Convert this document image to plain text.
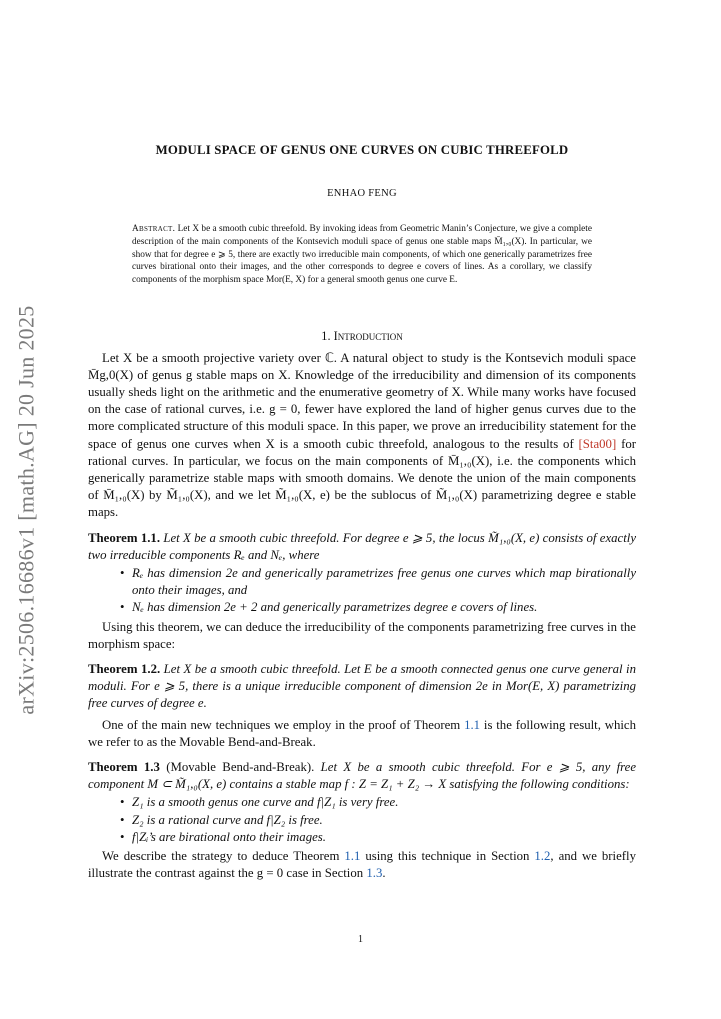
arXiv:2506.16686v1 [math.AG] 20 Jun 2025
MODULI SPACE OF GENUS ONE CURVES ON CUBIC THREEFOLD
ENHAO FENG
Abstract. Let X be a smooth cubic threefold. By invoking ideas from Geometric Manin’s Conjecture, we give a complete description of the main components of the Kontsevich moduli space of genus one stable maps M̄₁,₀(X). In particular, we show that for degree e ⩾ 5, there are exactly two irreducible main components, of which one generically parametrizes free curves birational onto their images, and the other corresponds to degree e covers of lines. As a corollary, we classify components of the morphism space Mor(E, X) for a general smooth genus one curve E.
1. Introduction

Let X be a smooth projective variety over ℂ. A natural object to study is the Kontsevich moduli space M̄g,0(X) of genus g stable maps on X. Knowledge of the irreducibility and dimension of its components usually sheds light on the arithmetic and the enumerative geometry of X. While many works have focused on the case of rational curves, i.e. g = 0, fewer have explored the land of higher genus curves due to the more complicated structure of this moduli space. In this paper, we prove an irreducibility statement for the space of genus one curves when X is a smooth cubic threefold, analogous to the results of [Sta00] for rational curves. In particular, we focus on the main components of M̄₁,₀(X), i.e. the components which generically parametrize stable maps with smooth domains. We denote the union of the main components of M̄₁,₀(X) by M̃₁,₀(X), and we let M̃₁,₀(X, e) be the sublocus of M̃₁,₀(X) parametrizing degree e stable maps.

Theorem 1.1. Let X be a smooth cubic threefold. For degree e ⩾ 5, the locus M̃₁,₀(X, e) consists of exactly two irreducible components Rₑ and Nₑ, where
• Rₑ has dimension 2e and generically parametrizes free genus one curves which map birationally onto their images, and
• Nₑ has dimension 2e + 2 and generically parametrizes degree e covers of lines.

Using this theorem, we can deduce the irreducibility of the components parametrizing free curves in the morphism space:

Theorem 1.2. Let X be a smooth cubic threefold. Let E be a smooth connected genus one curve general in moduli. For e ⩾ 5, there is a unique irreducible component of dimension 2e in Mor(E, X) parametrizing free curves of degree e.

One of the main new techniques we employ in the proof of Theorem 1.1 is the following result, which we refer to as the Movable Bend-and-Break.

Theorem 1.3 (Movable Bend-and-Break). Let X be a smooth cubic threefold. For e ⩾ 5, any free component M ⊂ M̃₁,₀(X, e) contains a stable map f : Z = Z₁ + Z₂ → X satisfying the following conditions:
• Z₁ is a smooth genus one curve and f|Z₁ is very free.
• Z₂ is a rational curve and f|Z₂ is free.
• f|Zᵢ’s are birational onto their images.

We describe the strategy to deduce Theorem 1.1 using this technique in Section 1.2, and we briefly illustrate the contrast against the g = 0 case in Section 1.3.

1
